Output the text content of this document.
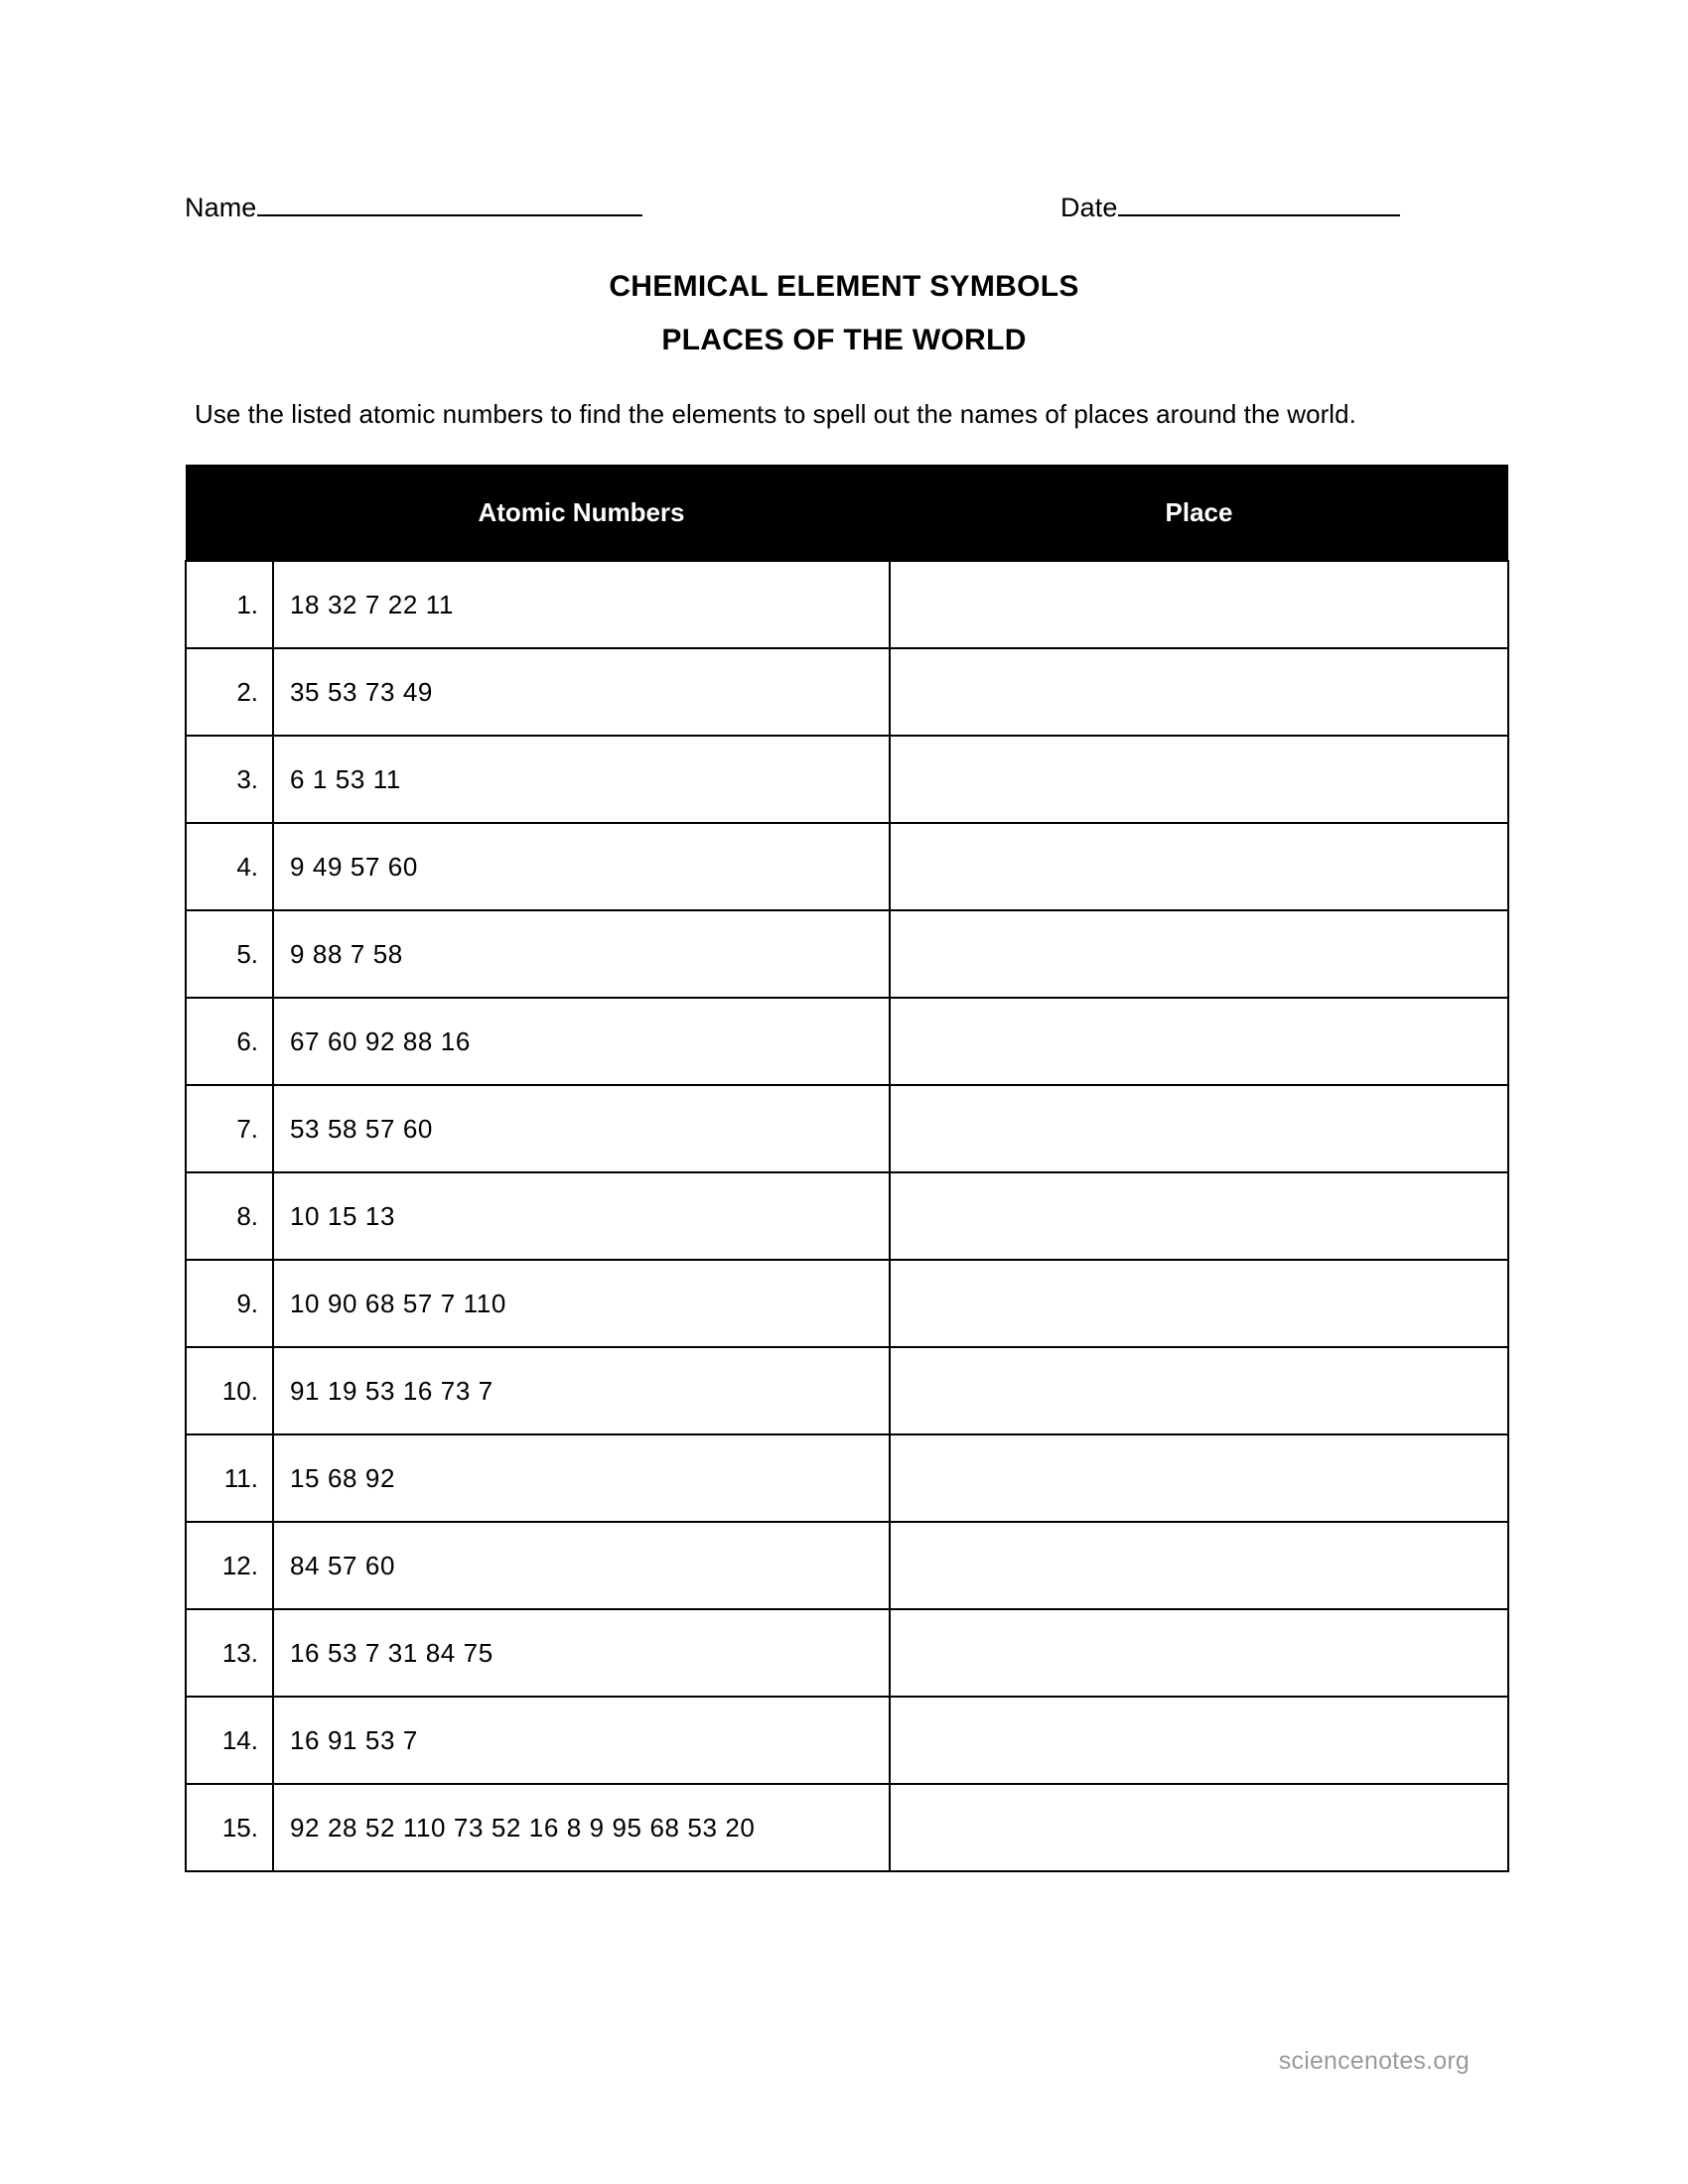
Name	Date
CHEMICAL ELEMENT SYMBOLS
PLACES OF THE WORLD
Use the listed atomic numbers to find the elements to spell out the names of places around the world.
	Atomic Numbers	Place
1.	18 32 7 22 11	
2.	35 53 73 49	
3.	6 1 53 11	
4.	9 49 57 60	
5.	9 88 7 58	
6.	67 60 92 88 16	
7.	53 58 57 60	
8.	10 15 13	
9.	10 90 68 57 7 110	
10.	91 19 53 16 73 7	
11.	15 68 92	
12.	84 57 60	
13.	16 53 7 31 84 75	
14.	16 91 53 7	
15.	92 28 52 110 73 52 16 8 9 95 68 53 20	
sciencenotes.org
